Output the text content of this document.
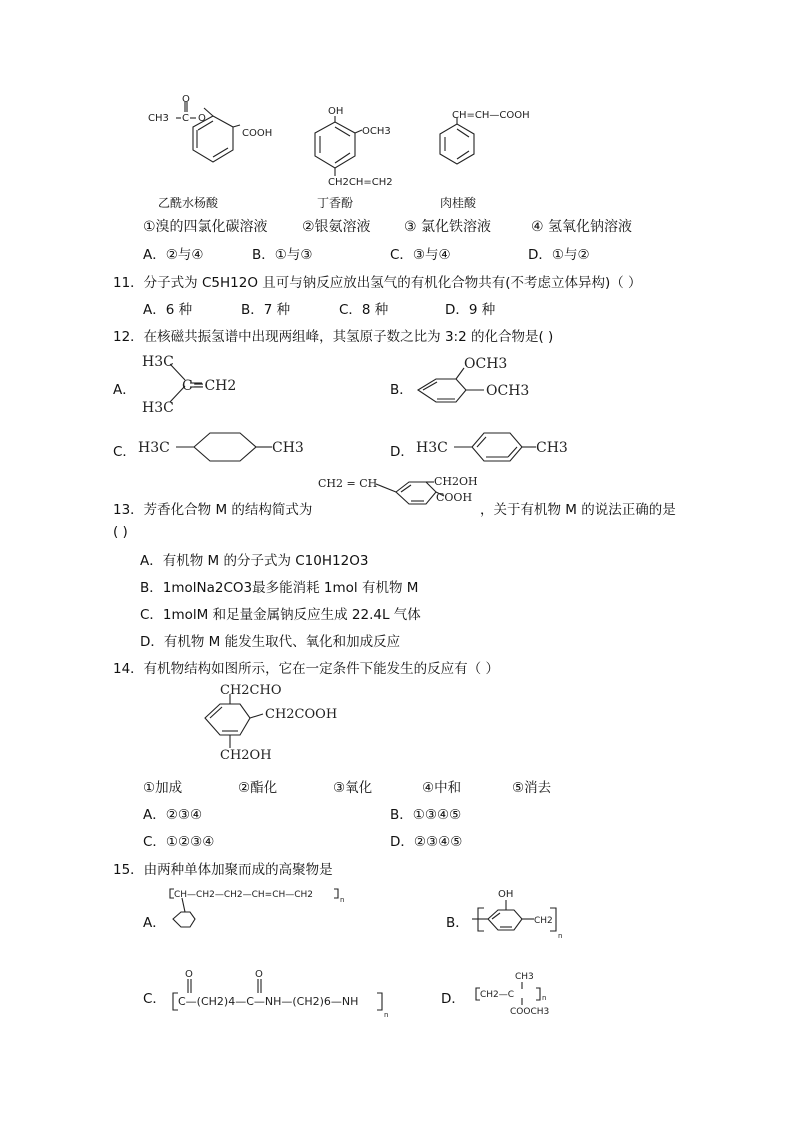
CH3 C O
O
COOH
OH
OCH3
CH2CH=CH2
CH=CH—COOH
乙酰水杨酸	丁香酚	肉桂酸
①溴的四氯化碳溶液 ②银氨溶液 ③ 氯化铁溶液	④ 氢氧化钠溶液
A．②与④	B．①与③	C．③与④	D．①与②
11．分子式为 C5H12O 且可与钠反应放出氢气的有机化合物共有(不考虑立体异构)（ ）
A．6 种	B．7 种	C．8 种	D．9 种
12．在核磁共振氢谱中出现两组峰，其氢原子数之比为 3:2 的化合物是( )
A．
H3C
H3C
C=CH2	B．
OCH3
OCH3
C． H3C	CH3	D． H3C	CH3
13．芳香化合物 M 的结构简式为
CH2 = CH	CH2OH
COOH
，关于有机物 M 的说法正确的是
( )
A．有机物 M 的分子式为 C10H12O3
B．1molNa2CO3最多能消耗 1mol 有机物 M
C．1molM 和足量金属钠反应生成 22.4L 气体
D．有机物 M 能发生取代、氧化和加成反应
14．有机物结构如图所示，它在一定条件下能发生的反应有（ ）
CH2CHO
CH2COOH
CH2OH
①加成	②酯化	③氧化	④中和	⑤消去
A．②③④	B．①③④⑤
C．①②③④	D．②③④⑤
15．由两种单体加聚而成的高聚物是
A．
CH—CH2—CH2—CH=CH—CH2	n
B．
OH
CH2
n
C．
O	O
C—(CH2)4—C—NH—(CH2)6—NH
n
D．
CH3
CH2—C
COOCH3
n
